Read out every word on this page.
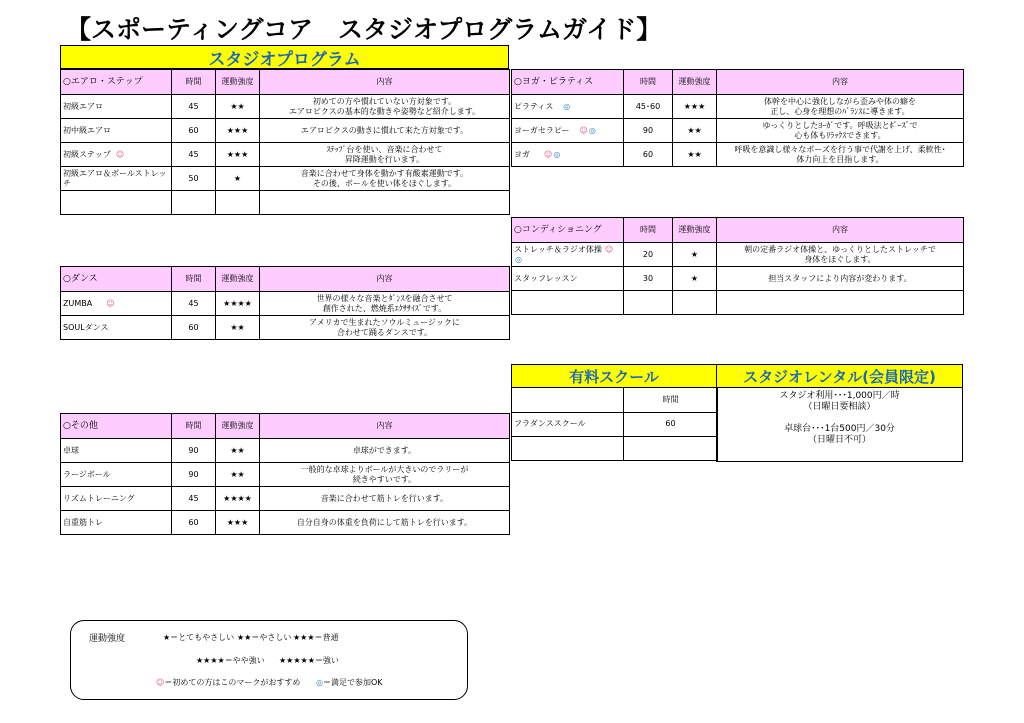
【スポーティングコア　スタジオプログラムガイド】
スタジオプログラム
○エアロ・ステップ	時間	運動強度	内容
初級エアロ	45	★★	初めての方や慣れていない方対象です。
エアロビクスの基本的な動きや姿勢など紹介します。
初中級エアロ	60	★★★	エアロビクスの動きに慣れて来た方対象です。
初級ステップ ☺	45	★★★	ｽﾃｯﾌﾟ台を使い、音楽に合わせて
昇降運動を行います。
初級エアロ＆ボールストレッチ	50	★	音楽に合わせて身体を動かす有酸素運動です。
その後、ボールを使い体をほぐします。

○ダンス	時間	運動強度	内容
ZUMBA ☺	45	★★★★	世界の様々な音楽とﾀﾞﾝｽを融合させて
創作された、燃焼系ｴｸｻｻｲｽﾞです。
SOULダンス	60	★★	アメリカで生まれたソウルミュージックに
合わせて踊るダンスです。
○その他	時間	運動強度	内容
卓球	90	★★	卓球ができます。
ラージボール	90	★★	一般的な卓球よりボールが大きいのでラリーが
続きやすいです。
リズムトレーニング	45	★★★★	音楽に合わせて筋トレを行います。
自重筋トレ	60	★★★	自分自身の体重を負荷にして筋トレを行います。
○ヨガ・ピラティス	時間	運動強度	内容
ピラティス ◎	45･60	★★★	体幹を中心に強化しながら歪みや体の癖を
正し、心身を理想のﾊﾞﾗﾝｽに導きます。
ヨーガセラピー ☺◎	90	★★	ゆっくりとしたﾖｰｶﾞです。呼吸法とﾎﾟｰｽﾞで
心も体もﾘﾗｯｸｽできます。
ヨガ ☺◎	60	★★	呼吸を意識し様々なポーズを行う事で代謝を上げ、柔軟性･
体力向上を目指します。
○コンディショニング	時間	運動強度	内容
ストレッチ＆ラジオ体操 ☺◎	20	★	朝の定番ラジオ体操と、ゆっくりとしたストレッチで
身体をほぐします。
スタッフレッスン	30	★	担当スタッフにより内容が変わります。

有料スクール	スタジオレンタル(会員限定)
	時間
フラダンススクール	60

スタジオ利用･･･1,000円／時
（日曜日要相談）
卓球台･･･1台500円／30分
（日曜日不可）
運動強度	★＝とてもやさしい ★★＝やさしい ★★★＝普通
★★★★＝やや強い ★★★★★＝強い
☺＝初めての方はこのマークがおすすめ ◎＝満足で参加OK
